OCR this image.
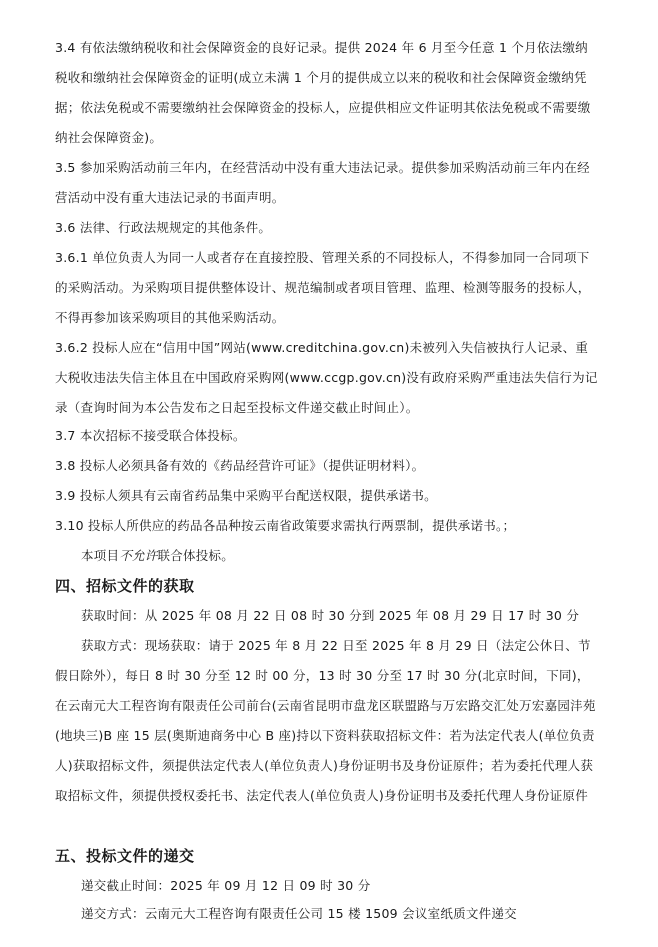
3.4 有依法缴纳税收和社会保障资金的良好记录。提供 2024 年 6 月至今任意 1 个月依法缴纳税收和缴纳社会保障资金的证明(成立未满 1 个月的提供成立以来的税收和社会保障资金缴纳凭据；依法免税或不需要缴纳社会保障资金的投标人，应提供相应文件证明其依法免税或不需要缴纳社会保障资金)。

3.5 参加采购活动前三年内，在经营活动中没有重大违法记录。提供参加采购活动前三年内在经营活动中没有重大违法记录的书面声明。

3.6 法律、行政法规规定的其他条件。

3.6.1 单位负责人为同一人或者存在直接控股、管理关系的不同投标人，不得参加同一合同项下的采购活动。为采购项目提供整体设计、规范编制或者项目管理、监理、检测等服务的投标人，不得再参加该采购项目的其他采购活动。

3.6.2 投标人应在“信用中国”网站(www.creditchina.gov.cn)未被列入失信被执行人记录、重大税收违法失信主体且在中国政府采购网(www.ccgp.gov.cn)没有政府采购严重违法失信行为记录（查询时间为本公告发布之日起至投标文件递交截止时间止）。

3.7 本次招标不接受联合体投标。

3.8 投标人必须具备有效的《药品经营许可证》（提供证明材料）。

3.9 投标人须具有云南省药品集中采购平台配送权限，提供承诺书。

3.10 投标人所供应的药品各品种按云南省政策要求需执行两票制，提供承诺书。；

本项目不允许联合体投标。

四、招标文件的获取

获取时间：从 2025 年 08 月 22 日 08 时 30 分到 2025 年 08 月 29 日 17 时 30 分

获取方式：现场获取：请于 2025 年 8 月 22 日至 2025 年 8 月 29 日（法定公休日、节假日除外），每日 8 时 30 分至 12 时 00 分，13 时 30 分至 17 时 30 分(北京时间，下同)，在云南元大工程咨询有限责任公司前台(云南省昆明市盘龙区联盟路与万宏路交汇处万宏嘉园沣苑(地块三)B 座 15 层(奥斯迪商务中心 B 座)持以下资料获取招标文件：若为法定代表人(单位负责人)获取招标文件，须提供法定代表人(单位负责人)身份证明书及身份证原件；若为委托代理人获取招标文件，须提供授权委托书、法定代表人(单位负责人)身份证明书及委托代理人身份证原件

五、投标文件的递交

递交截止时间：2025 年 09 月 12 日 09 时 30 分

递交方式：云南元大工程咨询有限责任公司 15 楼 1509 会议室纸质文件递交
